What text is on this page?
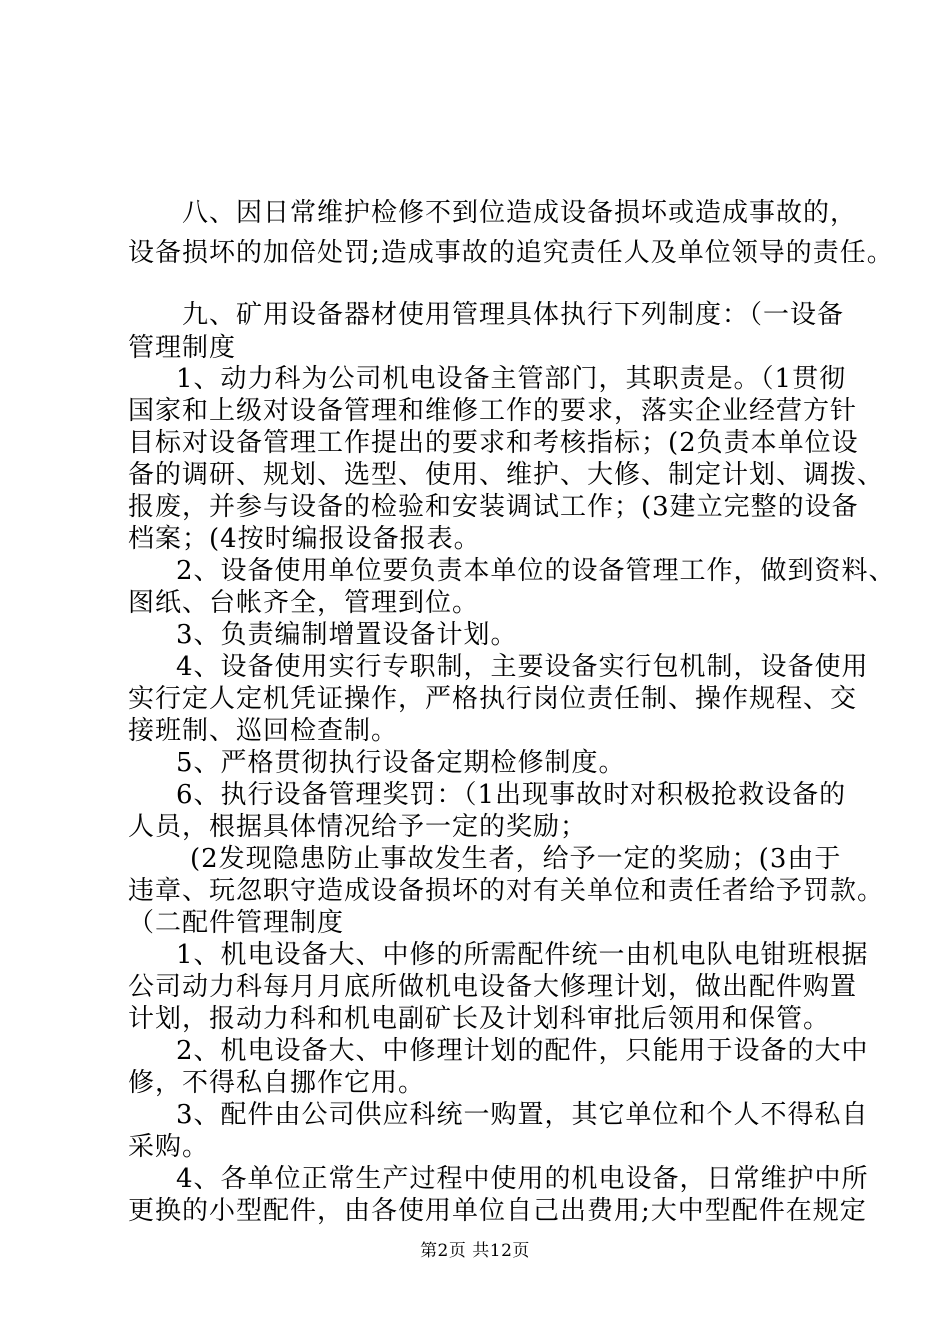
八、因日常维护检修不到位造成设备损坏或造成事故的，
设备损坏的加倍处罚;造成事故的追究责任人及单位领导的责任。
九、矿用设备器材使用管理具体执行下列制度：（一设备
管理制度
1、动力科为公司机电设备主管部门，其职责是。（1贯彻
国家和上级对设备管理和维修工作的要求，落实企业经营方针
目标对设备管理工作提出的要求和考核指标；(2负责本单位设
备的调研、规划、选型、使用、维护、大修、制定计划、调拨、
报废，并参与设备的检验和安装调试工作；(3建立完整的设备
档案；(4按时编报设备报表。
2、设备使用单位要负责本单位的设备管理工作，做到资料、
图纸、台帐齐全，管理到位。
3、负责编制增置设备计划。
4、设备使用实行专职制，主要设备实行包机制，设备使用
实行定人定机凭证操作，严格执行岗位责任制、操作规程、交
接班制、巡回检查制。
5、严格贯彻执行设备定期检修制度。
6、执行设备管理奖罚：（1出现事故时对积极抢救设备的
人员，根据具体情况给予一定的奖励；
(2发现隐患防止事故发生者，给予一定的奖励；(3由于
违章、玩忽职守造成设备损坏的对有关单位和责任者给予罚款。
（二配件管理制度
1、机电设备大、中修的所需配件统一由机电队电钳班根据
公司动力科每月月底所做机电设备大修理计划，做出配件购置
计划，报动力科和机电副矿长及计划科审批后领用和保管。
2、机电设备大、中修理计划的配件，只能用于设备的大中
修，不得私自挪作它用。
3、配件由公司供应科统一购置，其它单位和个人不得私自
采购。
4、各单位正常生产过程中使用的机电设备，日常维护中所
更换的小型配件，由各使用单位自己出费用;大中型配件在规定
第2页 共12页
